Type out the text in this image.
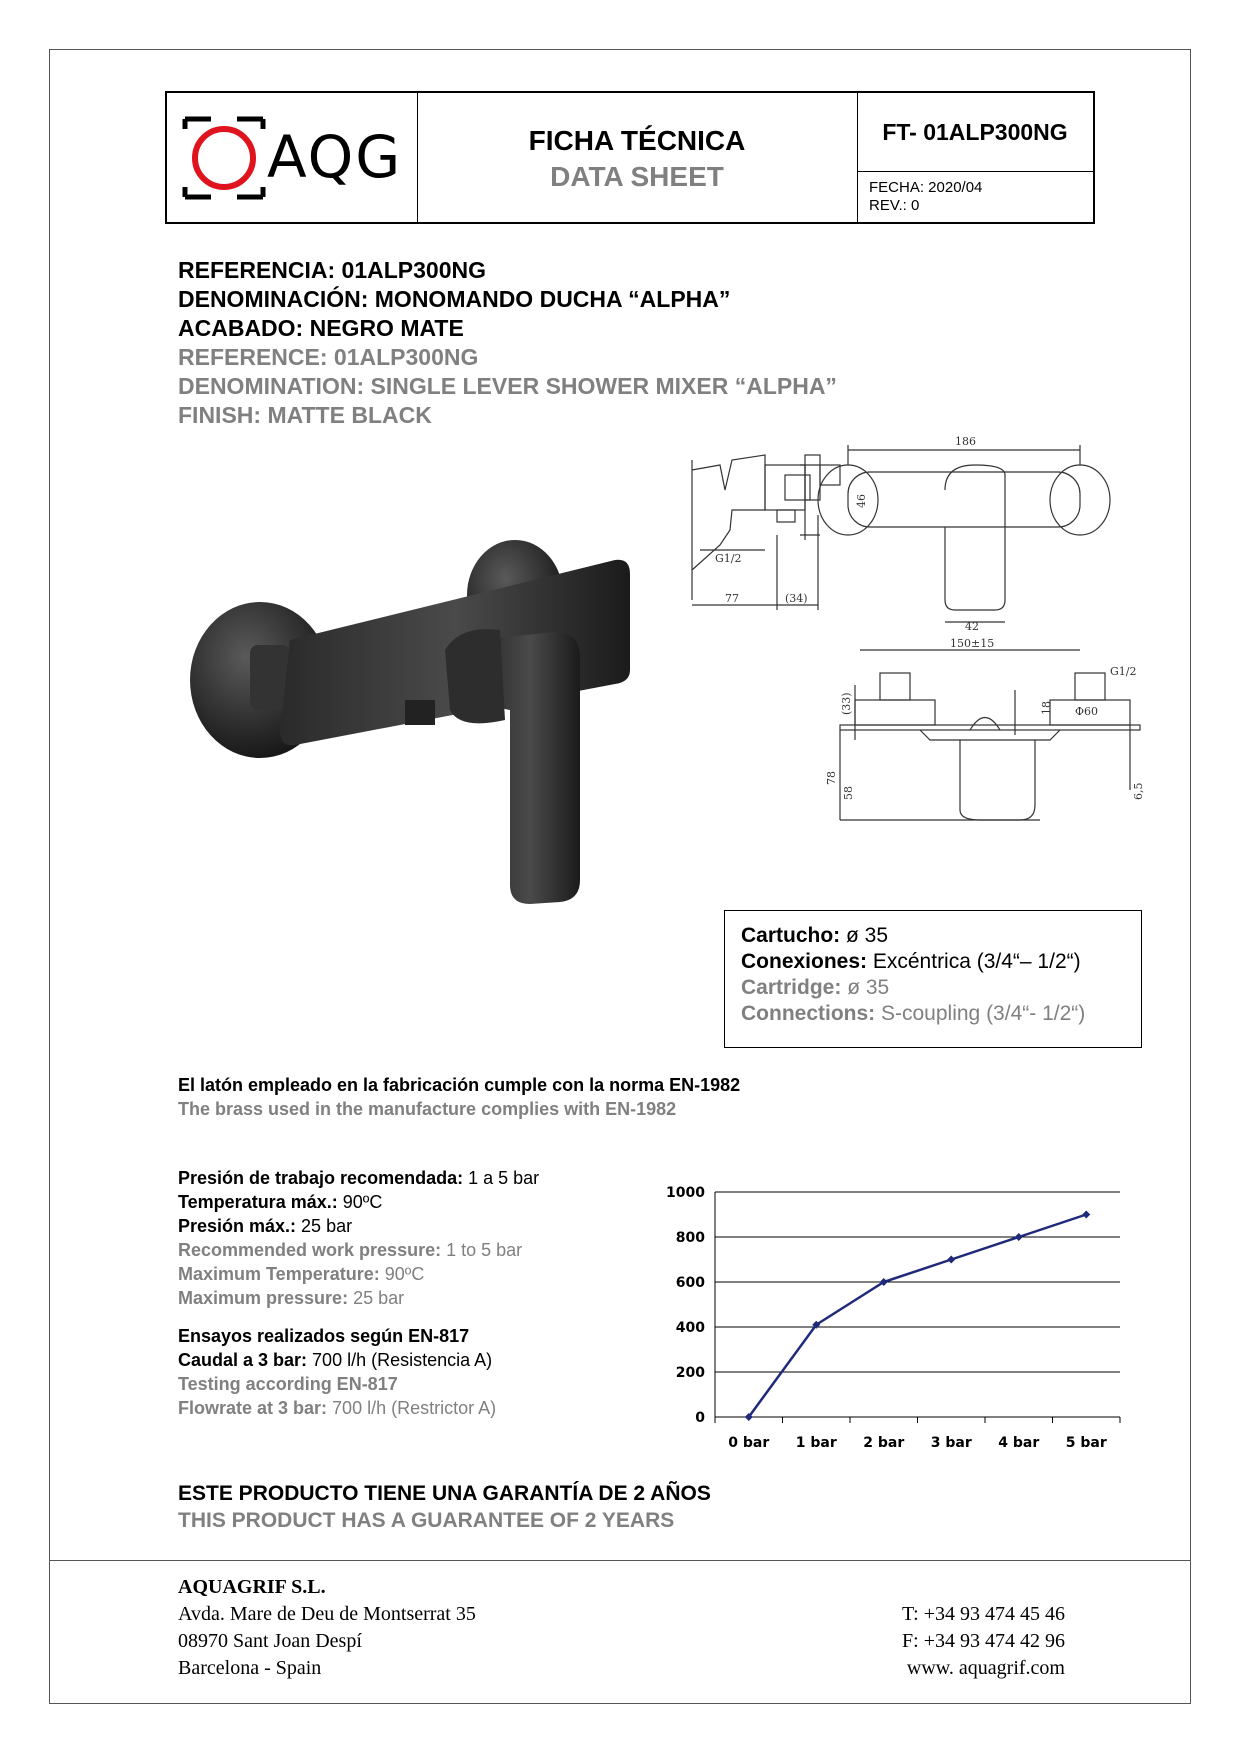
AQG	FICHA TÉCNICA
DATA SHEET
FT- 01ALP300NG
FECHA: 2020/04
REV.: 0
REFERENCIA: 01ALP300NG
DENOMINACIÓN: MONOMANDO DUCHA “ALPHA”
ACABADO: NEGRO MATE
REFERENCE: 01ALP300NG
DENOMINATION: SINGLE LEVER SHOWER MIXER “ALPHA”
FINISH: MATTE BLACK
186
46
42
G1/2
77	(34)
150±15
G1/2
(33)	18 Φ60
78
58	6,5
Cartucho: ø 35
Conexiones: Excéntrica (3/4“– 1/2“)
Cartridge: ø 35
Connections: S-coupling (3/4“- 1/2“)
El latón empleado en la fabricación cumple con la norma EN-1982
The brass used in the manufacture complies with EN-1982
Presión de trabajo recomendada: 1 a 5 bar
Temperatura máx.: 90ºC
Presión máx.: 25 bar
Recommended work pressure: 1 to 5 bar
Maximum Temperature: 90ºC
Maximum pressure: 25 bar
Ensayos realizados según EN-817
Caudal a 3 bar: 700 l/h (Resistencia A)
Testing according EN-817
Flowrate at 3 bar: 700 l/h (Restrictor A)	0
200
400
600
800
1000
0 bar 1 bar 2 bar 3 bar 4 bar 5 bar
ESTE PRODUCTO TIENE UNA GARANTÍA DE 2 AÑOS
THIS PRODUCT HAS A GUARANTEE OF 2 YEARS
AQUAGRIF S.L.
Avda. Mare de Deu de Montserrat 35
08970 Sant Joan Despí
Barcelona - Spain
T: +34 93 474 45 46
F: +34 93 474 42 96
www. aquagrif.com
